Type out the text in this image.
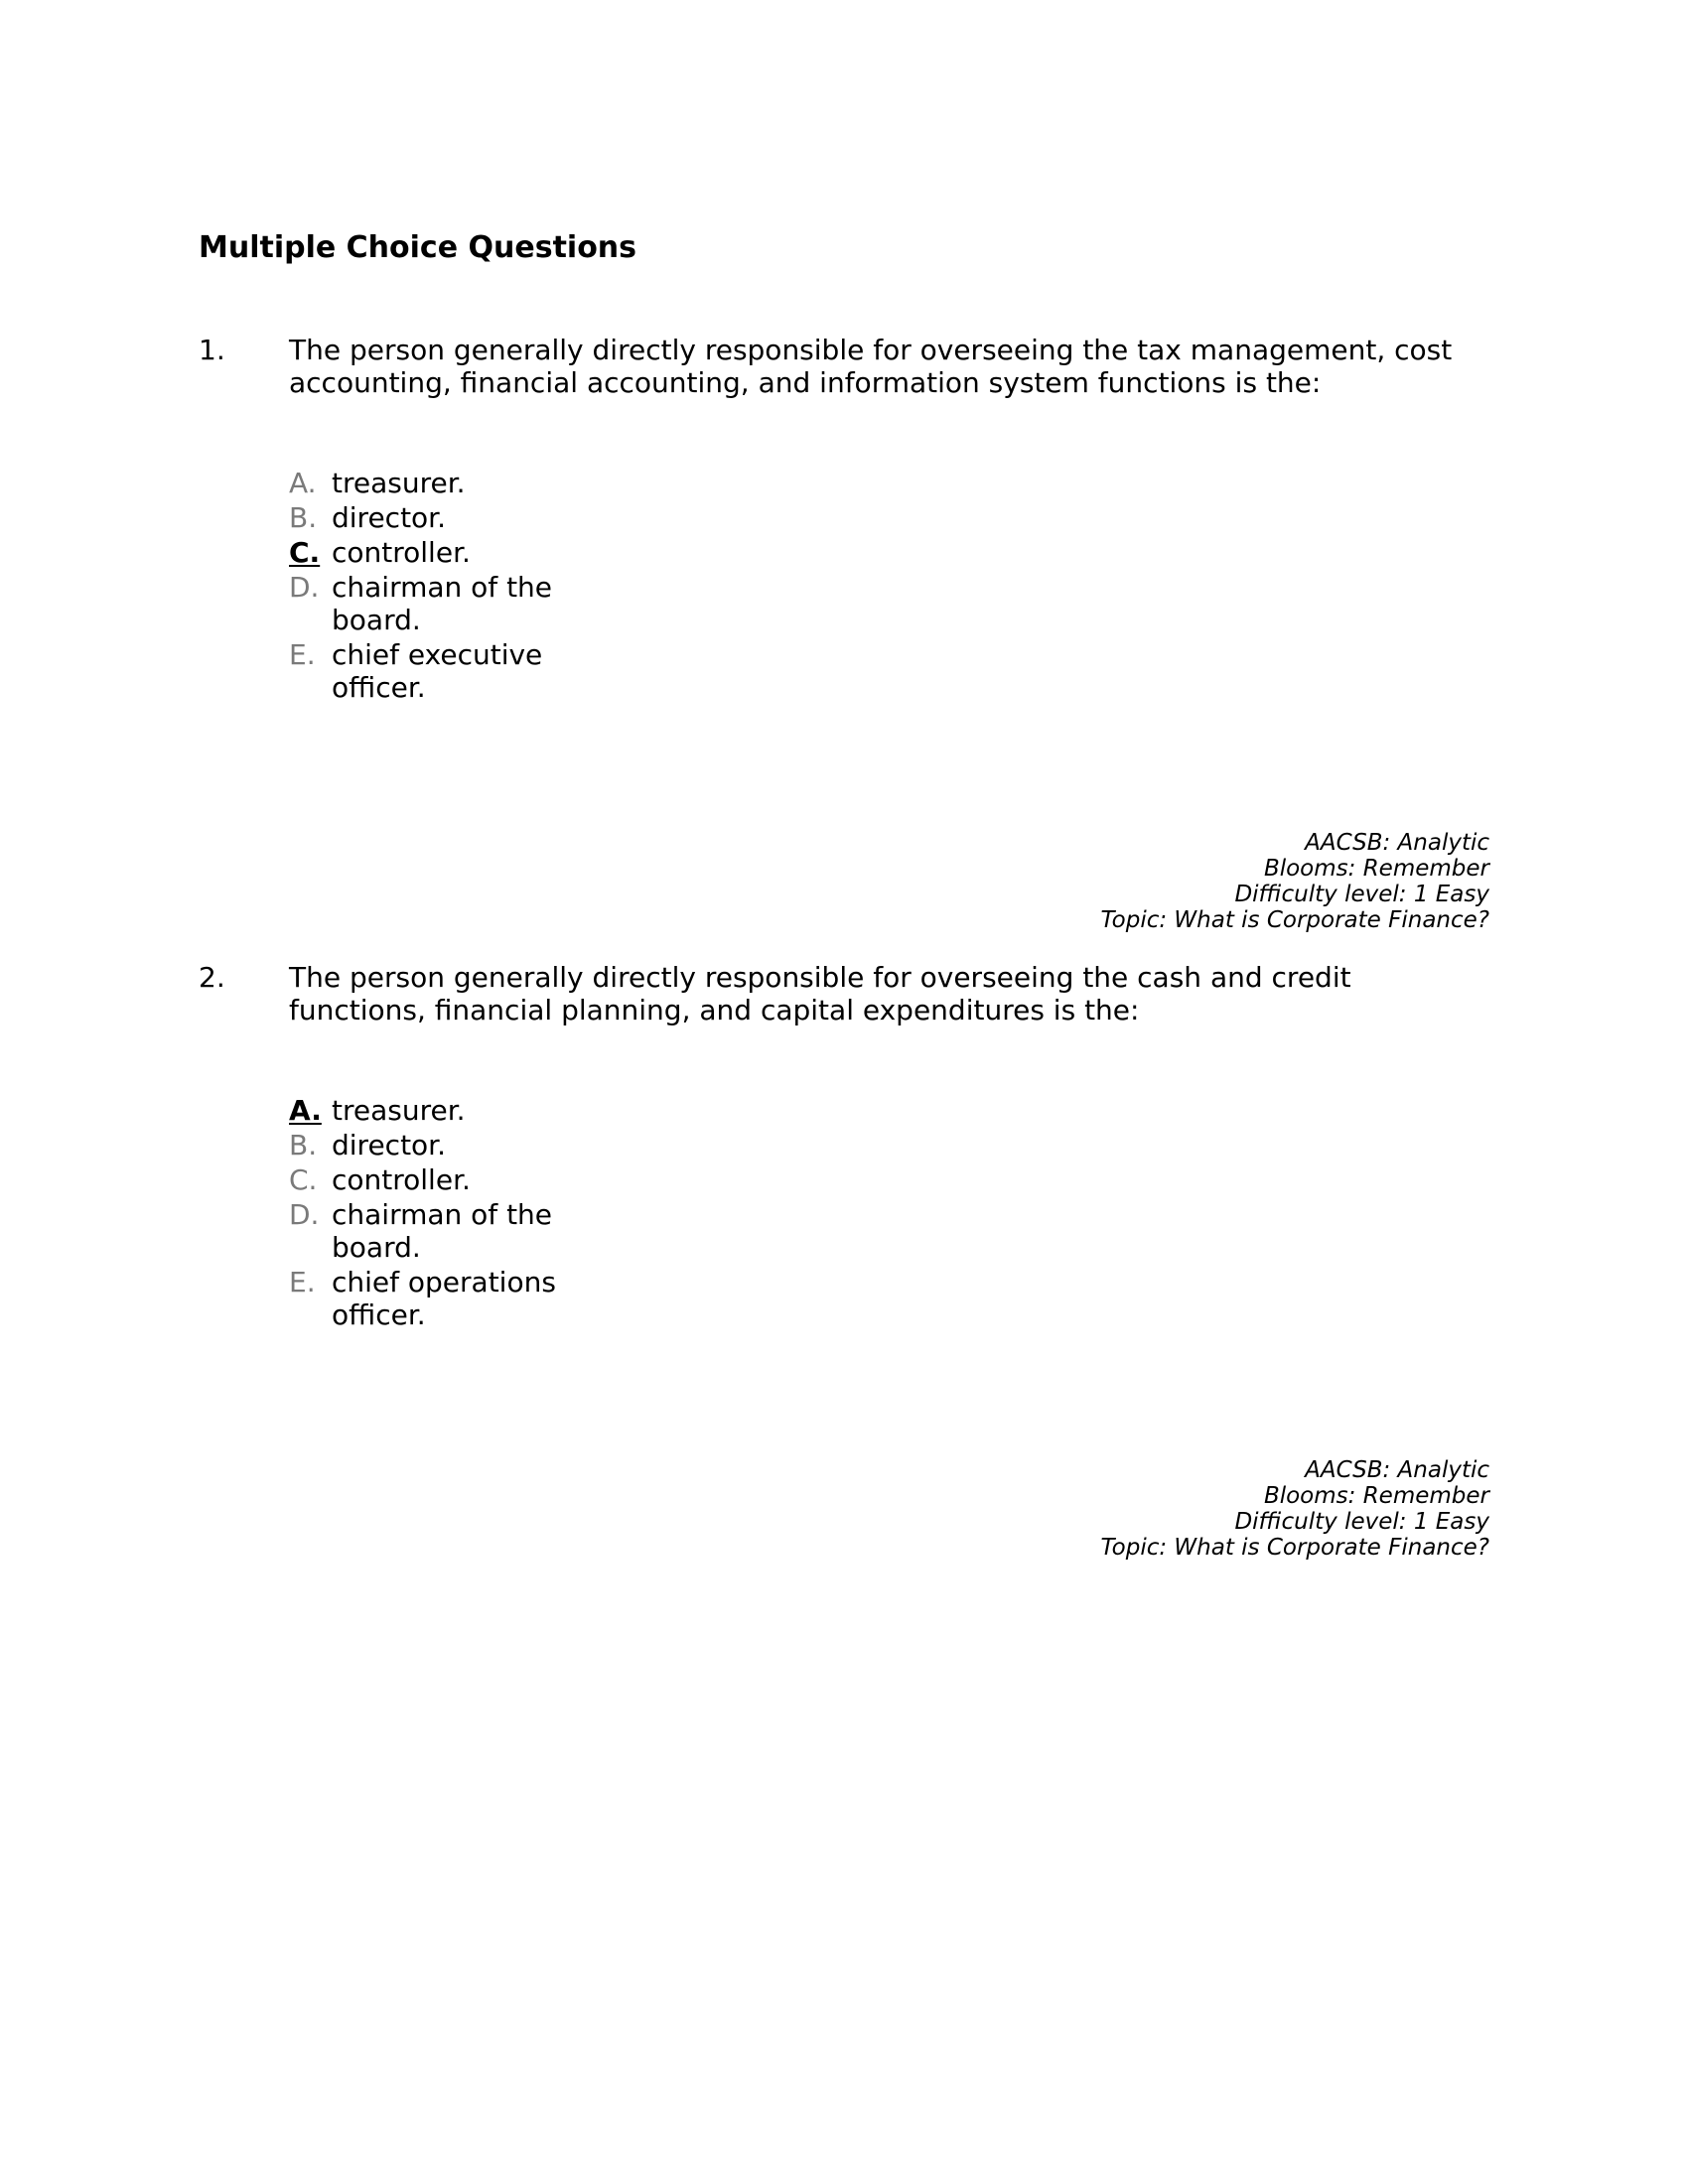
Multiple Choice Questions
1. The person generally directly responsible for overseeing the tax management, cost accounting, financial accounting, and information system functions is the:

A. treasurer.
B. director.
C. controller.
D. chairman of the board.
E. chief executive officer.
AACSB: Analytic
Blooms: Remember
Difficulty level: 1 Easy
Topic: What is Corporate Finance?
2. The person generally directly responsible for overseeing the cash and credit functions, financial planning, and capital expenditures is the:

A. treasurer.
B. director.
C. controller.
D. chairman of the board.
E. chief operations officer.
AACSB: Analytic
Blooms: Remember
Difficulty level: 1 Easy
Topic: What is Corporate Finance?
